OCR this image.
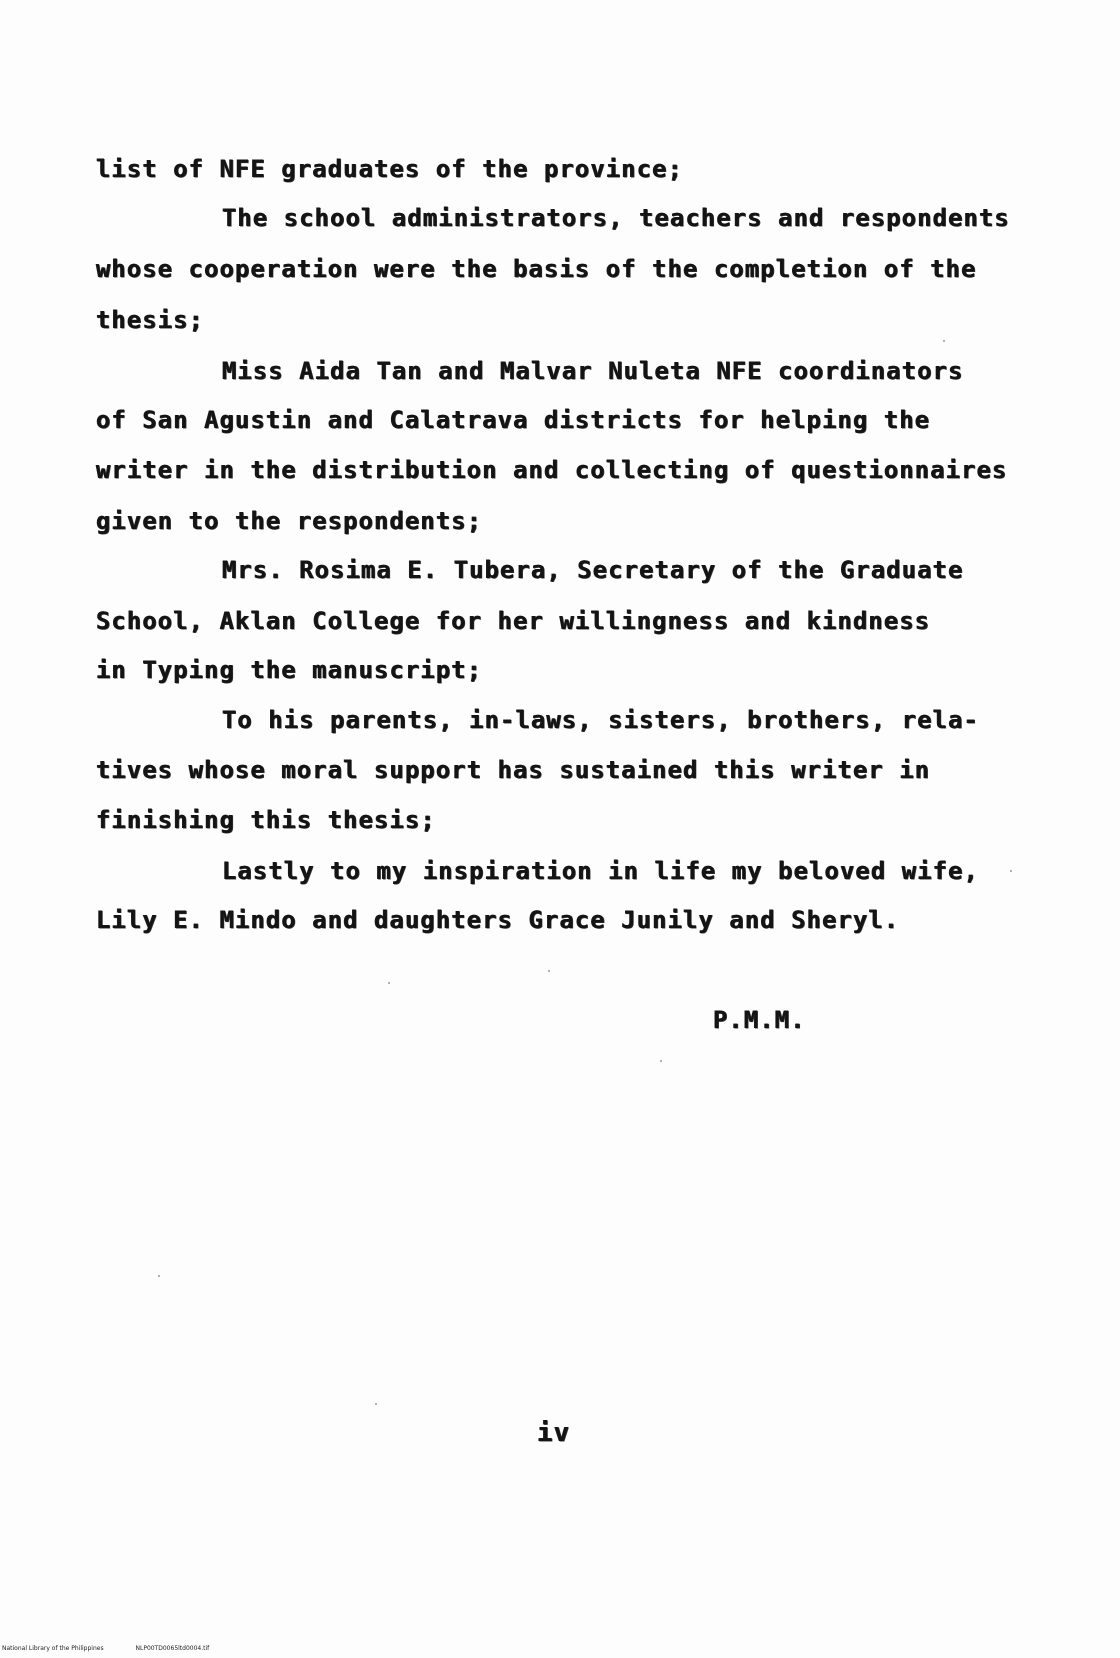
list of NFE graduates of the province;
The school administrators, teachers and respondents
whose cooperation were the basis of the completion of the
thesis;
Miss Aida Tan and Malvar Nuleta NFE coordinators
of San Agustin and Calatrava districts for helping the
writer in the distribution and collecting of questionnaires
given to the respondents;
Mrs. Rosima E. Tubera, Secretary of the Graduate
School, Aklan College for her willingness and kindness
in Typing the manuscript;
To his parents, in-laws, sisters, brothers, rela-
tives whose moral support has sustained this writer in
finishing this thesis;
Lastly to my inspiration in life my beloved wife,
Lily E. Mindo and daughters Grace Junily and Sheryl.
P.M.M.
iv
National Library of the Philippines	NLP00TD0065ltd0004.tif
